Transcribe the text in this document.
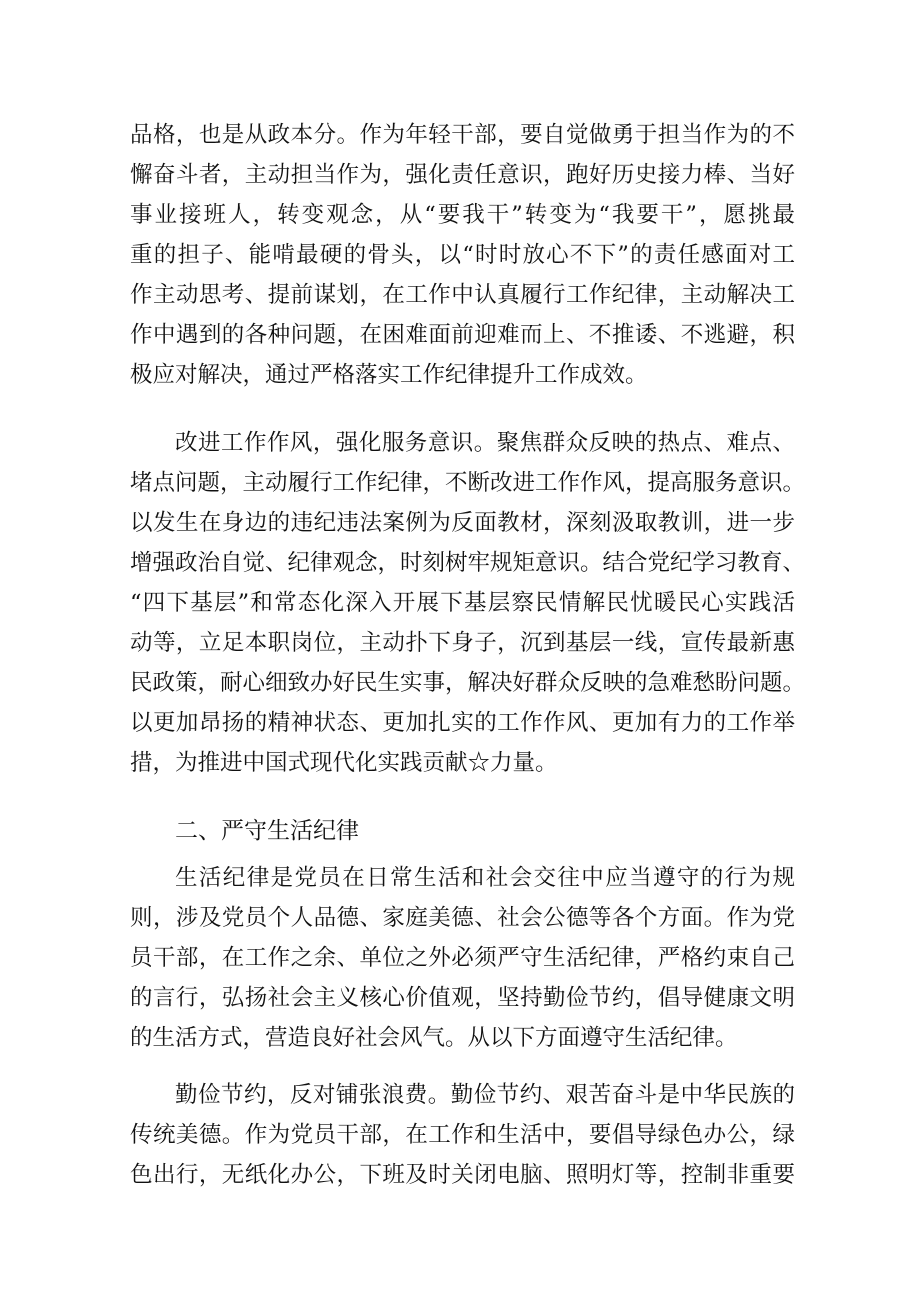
品格，也是从政本分。作为年轻干部，要自觉做勇于担当作为的不
懈奋斗者，主动担当作为，强化责任意识，跑好历史接力棒、当好
事业接班人，转变观念，从“要我干”转变为“我要干”，愿挑最
重的担子、能啃最硬的骨头，以“时时放心不下”的责任感面对工
作主动思考、提前谋划，在工作中认真履行工作纪律，主动解决工
作中遇到的各种问题，在困难面前迎难而上、不推诿、不逃避，积
极应对解决，通过严格落实工作纪律提升工作成效。
改进工作作风，强化服务意识。聚焦群众反映的热点、难点、
堵点问题，主动履行工作纪律，不断改进工作作风，提高服务意识。
以发生在身边的违纪违法案例为反面教材，深刻汲取教训，进一步
增强政治自觉、纪律观念，时刻树牢规矩意识。结合党纪学习教育、
“四下基层”和常态化深入开展下基层察民情解民忧暖民心实践活
动等，立足本职岗位，主动扑下身子，沉到基层一线，宣传最新惠
民政策，耐心细致办好民生实事，解决好群众反映的急难愁盼问题。
以更加昂扬的精神状态、更加扎实的工作作风、更加有力的工作举
措，为推进中国式现代化实践贡献☆力量。
二、严守生活纪律
生活纪律是党员在日常生活和社会交往中应当遵守的行为规
则，涉及党员个人品德、家庭美德、社会公德等各个方面。作为党
员干部，在工作之余、单位之外必须严守生活纪律，严格约束自己
的言行，弘扬社会主义核心价值观，坚持勤俭节约，倡导健康文明
的生活方式，营造良好社会风气。从以下方面遵守生活纪律。
勤俭节约，反对铺张浪费。勤俭节约、艰苦奋斗是中华民族的
传统美德。作为党员干部，在工作和生活中，要倡导绿色办公，绿
色出行，无纸化办公，下班及时关闭电脑、照明灯等，控制非重要
